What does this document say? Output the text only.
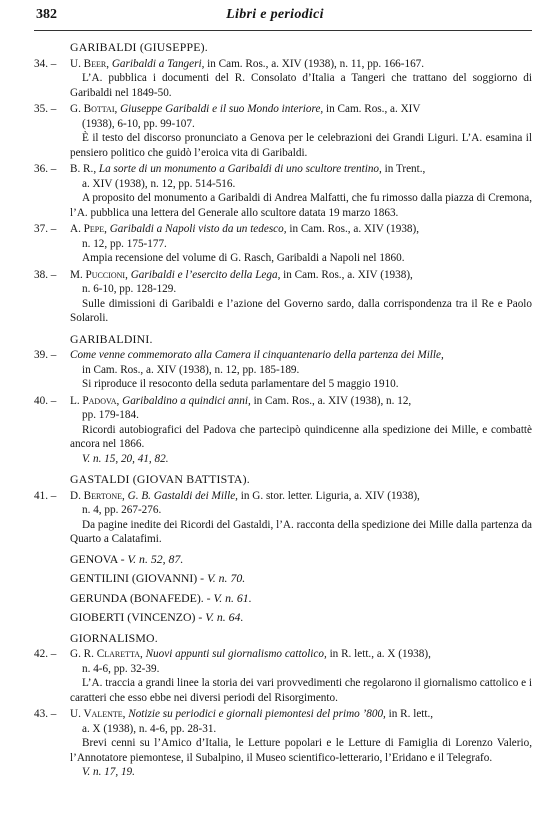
382	Libri e periodici
GARIBALDI (GIUSEPPE).
34. – U. Beer, Garibaldi a Tangeri, in Cam. Ros., a. XIV (1938), n. 11, pp. 166-167.
L’A. pubblica i documenti del R. Consolato d’Italia a Tangeri che trattano del soggiorno di Garibaldi nel 1849-50.
35. – G. Bottai, Giuseppe Garibaldi e il suo Mondo interiore, in Cam. Ros., a. XIV
(1938), 6-10, pp. 99-107.
È il testo del discorso pronunciato a Genova per le celebrazioni dei Grandi Liguri. L’A. esamina il pensiero politico che guidò l’eroica vita di Garibaldi.
36. – B. R., La sorte di un monumento a Garibaldi di uno scultore trentino, in Trent.,
a. XIV (1938), n. 12, pp. 514-516.
A proposito del monumento a Garibaldi di Andrea Malfatti, che fu rimosso dalla piazza di Cremona, l’A. pubblica una lettera del Generale allo scultore datata 19 marzo 1863.
37. – A. Pepe, Garibaldi a Napoli visto da un tedesco, in Cam. Ros., a. XIV (1938),
n. 12, pp. 175-177.
Ampia recensione del volume di G. Rasch, Garibaldi a Napoli nel 1860.
38. – M. Puccioni, Garibaldi e l’esercito della Lega, in Cam. Ros., a. XIV (1938),
n. 6-10, pp. 128-129.
Sulle dimissioni di Garibaldi e l’azione del Governo sardo, dalla corrispondenza tra il Re e Paolo Solaroli.
GARIBALDINI.
39. – Come venne commemorato alla Camera il cinquantenario della partenza dei Mille,
in Cam. Ros., a. XIV (1938), n. 12, pp. 185-189.
Si riproduce il resoconto della seduta parlamentare del 5 maggio 1910.
40. – L. Padova, Garibaldino a quindici anni, in Cam. Ros., a. XIV (1938), n. 12,
pp. 179-184.
Ricordi autobiografici del Padova che partecipò quindicenne alla spedizione dei Mille, e combattè ancora nel 1866.
V. n. 15, 20, 41, 82.
GASTALDI (GIOVAN BATTISTA).
41. – D. Bertone, G. B. Gastaldi dei Mille, in G. stor. letter. Liguria, a. XIV (1938),
n. 4, pp. 267-276.
Da pagine inedite dei Ricordi del Gastaldi, l’A. racconta della spedizione dei Mille dalla partenza da Quarto a Calatafimi.
GENOVA - V. n. 52, 87.
GENTILINI (GIOVANNI) - V. n. 70.
GERUNDA (BONAFEDE). - V. n. 61.
GIOBERTI (VINCENZO) - V. n. 64.
GIORNALISMO.
42. – G. R. Claretta, Nuovi appunti sul giornalismo cattolico, in R. lett., a. X (1938),
n. 4-6, pp. 32-39.
L’A. traccia a grandi linee la storia dei vari provvedimenti che regolarono il giornalismo cattolico e i caratteri che esso ebbe nei diversi periodi del Risorgimento.
43. – U. Valente, Notizie su periodici e giornali piemontesi del primo ’800, in R. lett.,
a. X (1938), n. 4-6, pp. 28-31.
Brevi cenni su l’Amico d’Italia, le Letture popolari e le Letture di Famiglia di Lorenzo Valerio, l’Annotatore piemontese, il Subalpino, il Museo scientifico-letterario, l’Eridano e il Telegrafo.
V. n. 17, 19.
